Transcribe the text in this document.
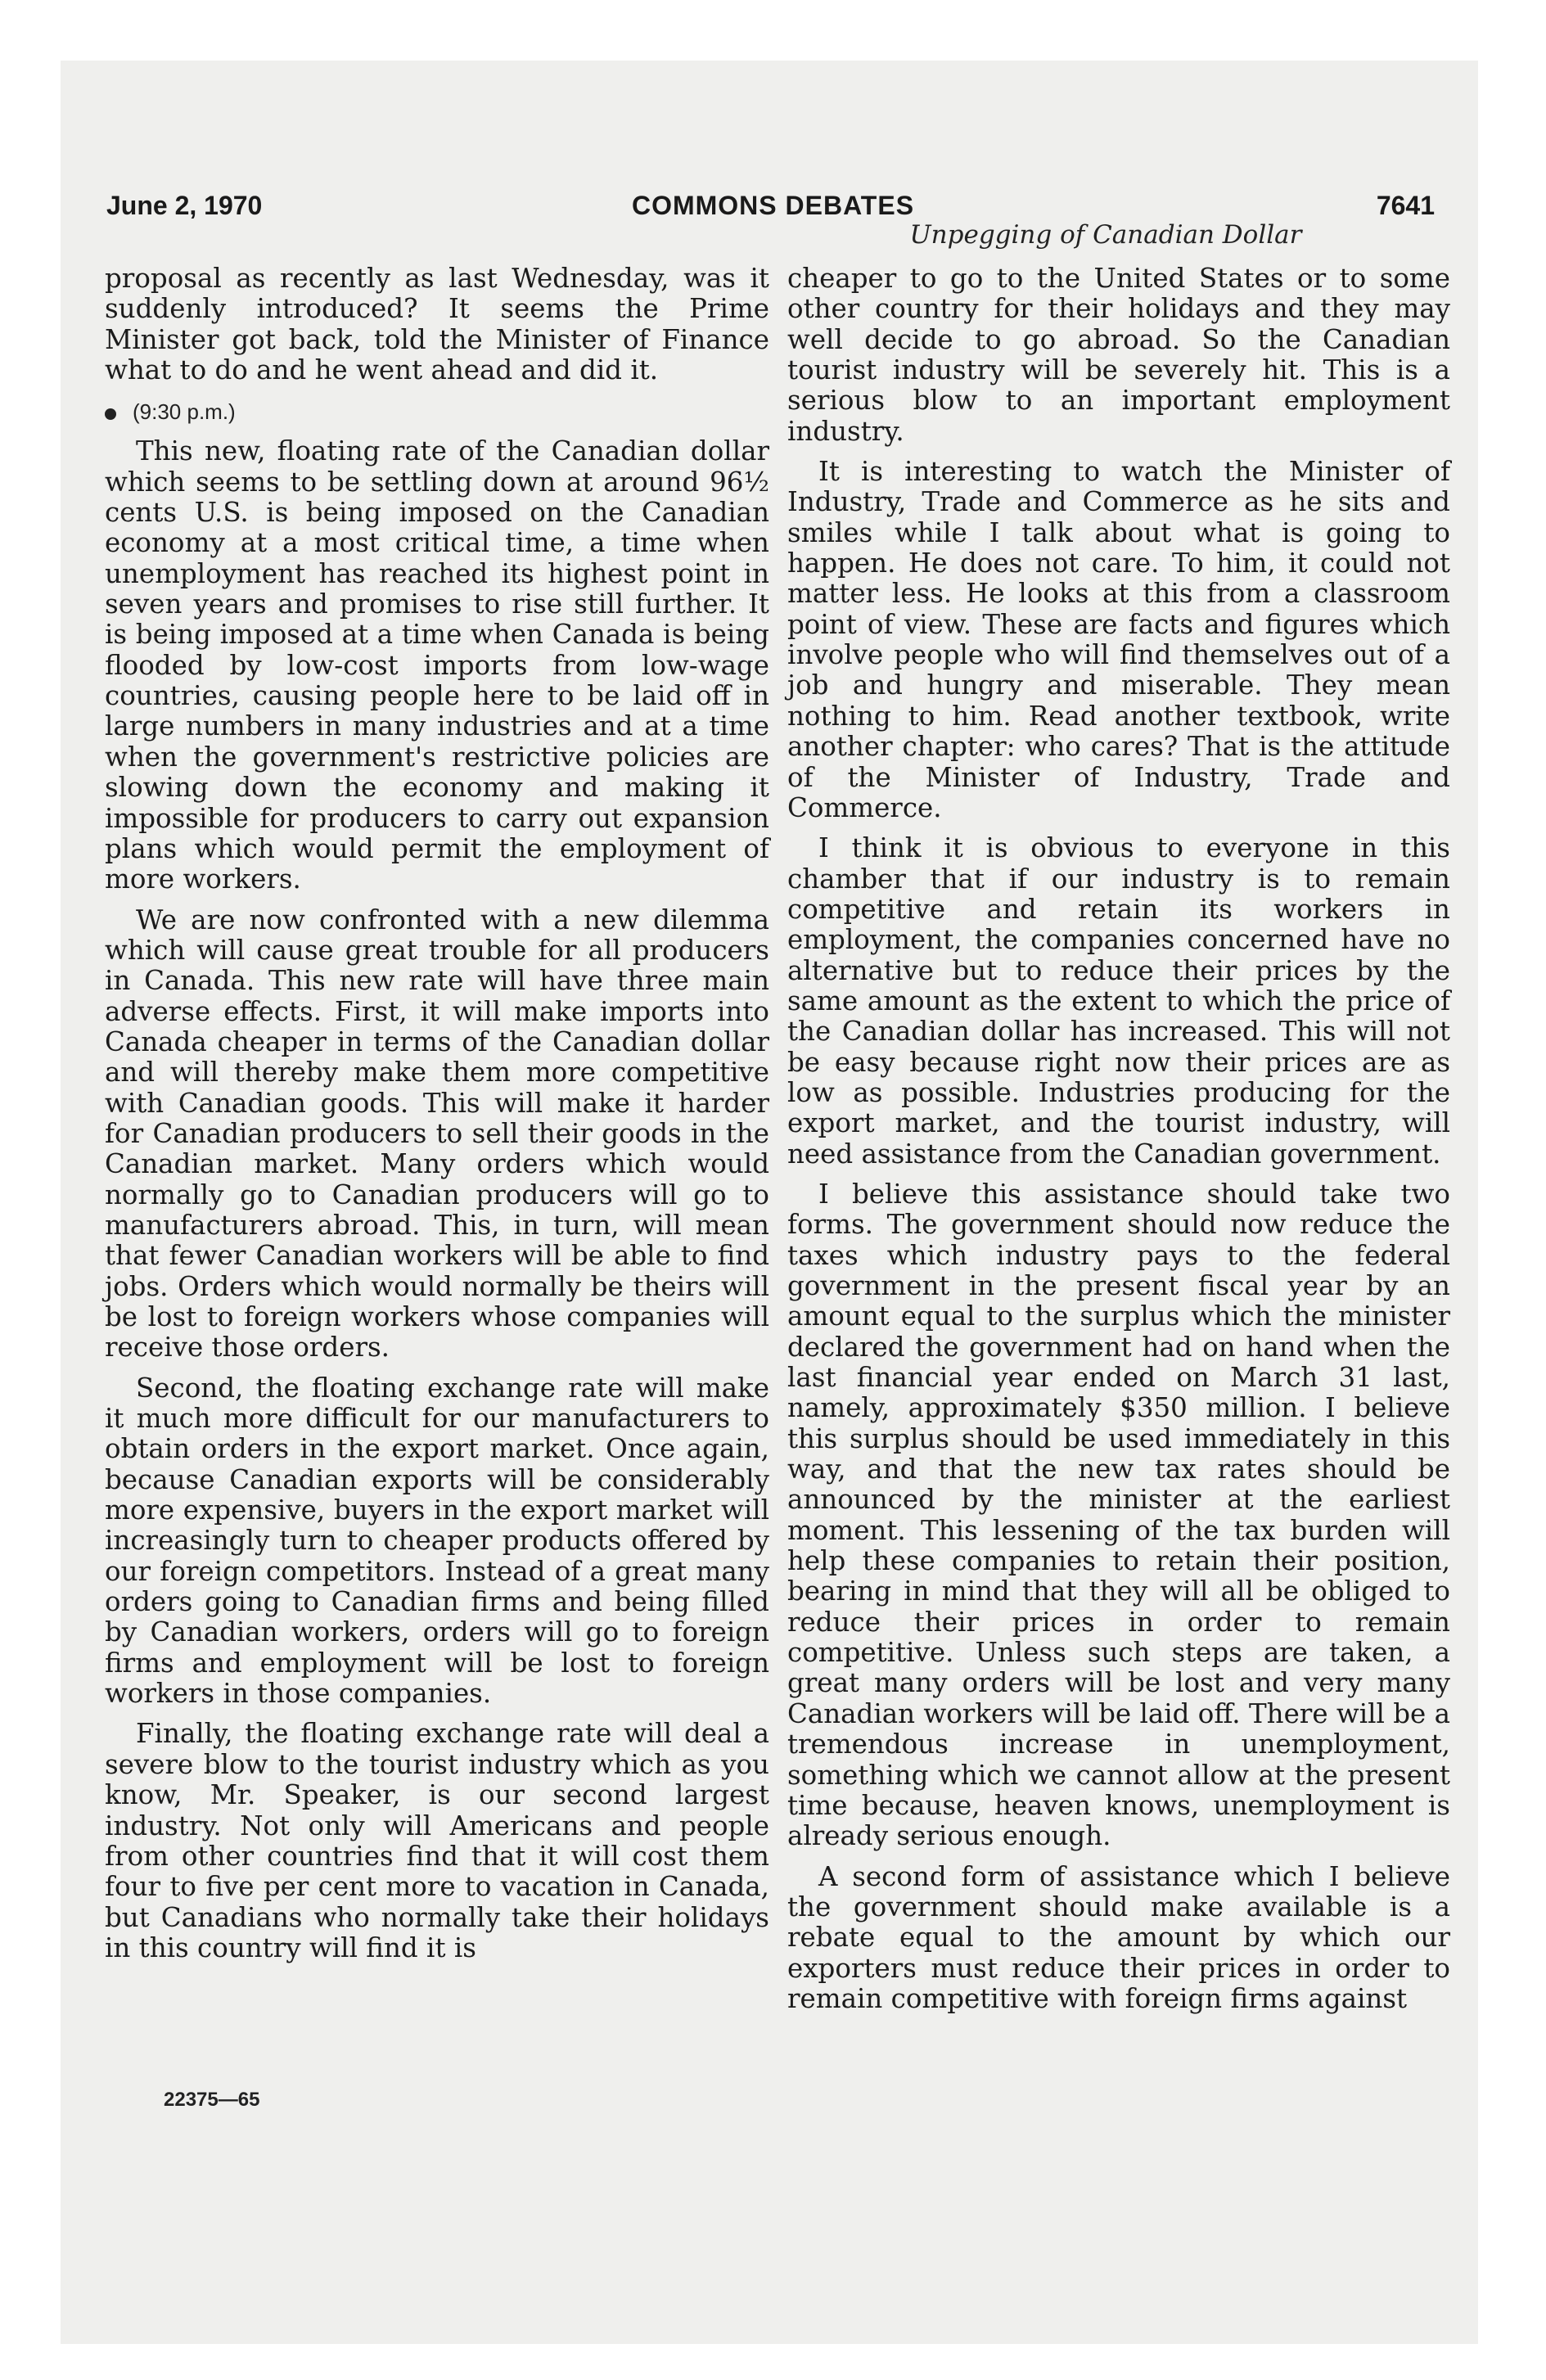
June 2, 1970	COMMONS DEBATES	7641
Unpegging of Canadian Dollar

proposal as recently as last Wednesday, was it suddenly introduced? It seems the Prime Minister got back, told the Minister of Finance what to do and he went ahead and did it.

(9:30 p.m.)

This new, floating rate of the Canadian dollar which seems to be settling down at around 96½ cents U.S. is being imposed on the Canadian economy at a most critical time, a time when unemployment has reached its highest point in seven years and promises to rise still further. It is being imposed at a time when Canada is being flooded by low-cost imports from low-wage countries, causing people here to be laid off in large numbers in many industries and at a time when the government's restrictive policies are slowing down the economy and making it impossible for producers to carry out expansion plans which would permit the employment of more workers.

We are now confronted with a new dilemma which will cause great trouble for all producers in Canada. This new rate will have three main adverse effects. First, it will make imports into Canada cheaper in terms of the Canadian dollar and will thereby make them more competitive with Canadian goods. This will make it harder for Canadian producers to sell their goods in the Canadian market. Many orders which would normally go to Canadian producers will go to manufacturers abroad. This, in turn, will mean that fewer Canadian workers will be able to find jobs. Orders which would normally be theirs will be lost to foreign workers whose companies will receive those orders.

Second, the floating exchange rate will make it much more difficult for our manufacturers to obtain orders in the export market. Once again, because Canadian exports will be considerably more expensive, buyers in the export market will increasingly turn to cheaper products offered by our foreign competitors. Instead of a great many orders going to Canadian firms and being filled by Canadian workers, orders will go to foreign firms and employment will be lost to foreign workers in those companies.

Finally, the floating exchange rate will deal a severe blow to the tourist industry which as you know, Mr. Speaker, is our second largest industry. Not only will Americans and people from other countries find that it will cost them four to five per cent more to vacation in Canada, but Canadians who normally take their holidays in this country will find it is

cheaper to go to the United States or to some other country for their holidays and they may well decide to go abroad. So the Canadian tourist industry will be severely hit. This is a serious blow to an important employment industry.

It is interesting to watch the Minister of Industry, Trade and Commerce as he sits and smiles while I talk about what is going to happen. He does not care. To him, it could not matter less. He looks at this from a classroom point of view. These are facts and figures which involve people who will find themselves out of a job and hungry and miserable. They mean nothing to him. Read another textbook, write another chapter: who cares? That is the attitude of the Minister of Industry, Trade and Commerce.

I think it is obvious to everyone in this chamber that if our industry is to remain competitive and retain its workers in employment, the companies concerned have no alternative but to reduce their prices by the same amount as the extent to which the price of the Canadian dollar has increased. This will not be easy because right now their prices are as low as possible. Industries producing for the export market, and the tourist industry, will need assistance from the Canadian government.

I believe this assistance should take two forms. The government should now reduce the taxes which industry pays to the federal government in the present fiscal year by an amount equal to the surplus which the minister declared the government had on hand when the last financial year ended on March 31 last, namely, approximately $350 million. I believe this surplus should be used immediately in this way, and that the new tax rates should be announced by the minister at the earliest moment. This lessening of the tax burden will help these companies to retain their position, bearing in mind that they will all be obliged to reduce their prices in order to remain competitive. Unless such steps are taken, a great many orders will be lost and very many Canadian workers will be laid off. There will be a tremendous increase in unemployment, something which we cannot allow at the present time because, heaven knows, unemployment is already serious enough.

A second form of assistance which I believe the government should make available is a rebate equal to the amount by which our exporters must reduce their prices in order to remain competitive with foreign firms against

22375—65
